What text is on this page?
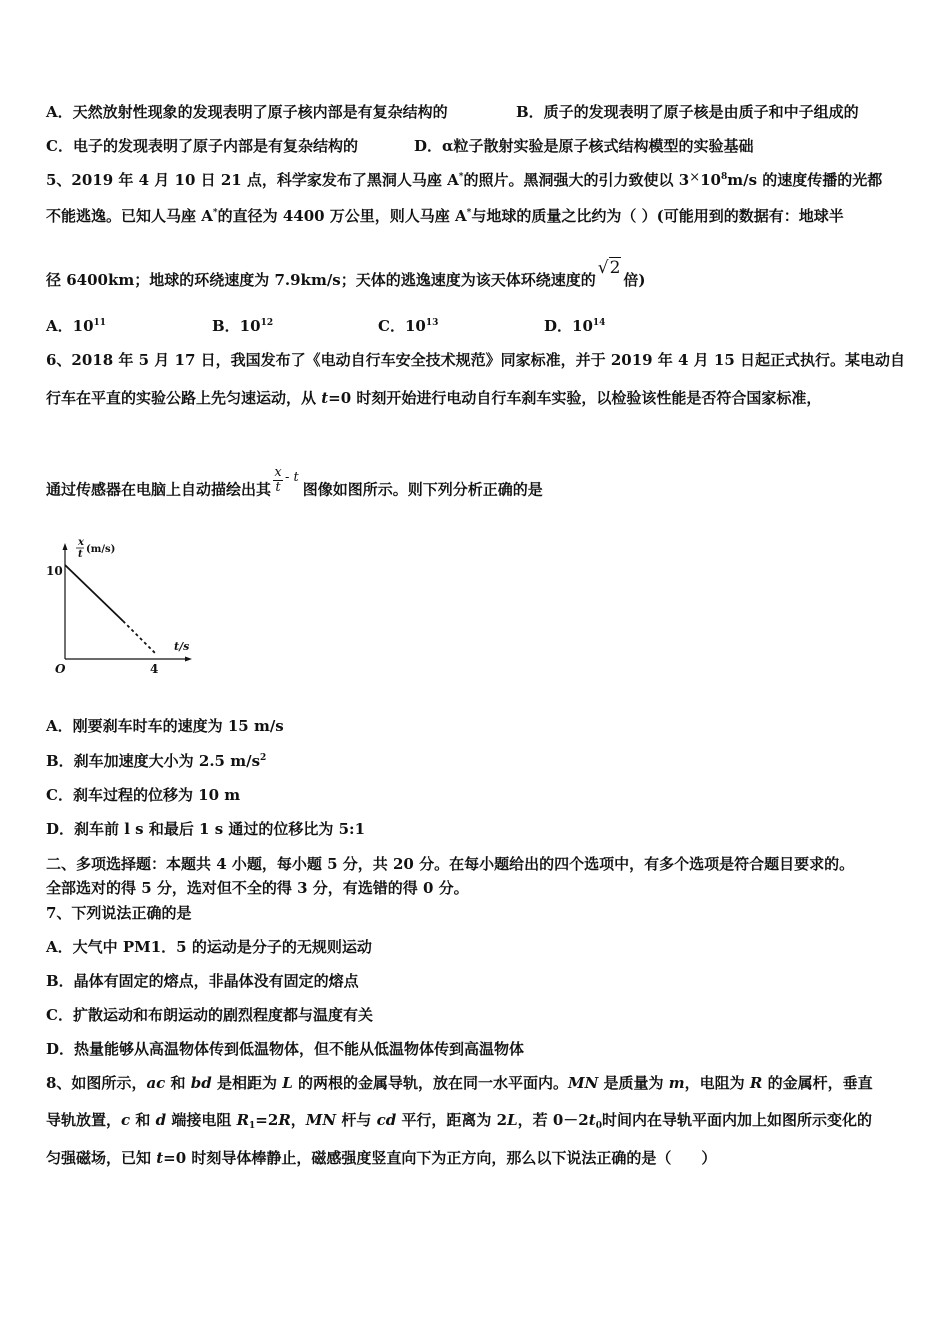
A．天然放射性现象的发现表明了原子核内部是有复杂结构的	B．质子的发现表明了原子核是由质子和中子组成的
C．电子的发现表明了原子内部是有复杂结构的	D．α粒子散射实验是原子核式结构模型的实验基础
5、2019 年 4 月 10 日 21 点，科学家发布了黑洞人马座 A*的照片。黑洞强大的引力致使以 $3\times 10^8m/s$ 的速度传播的光都
不能逃逸。已知人马座 A*的直径为 4400 万公里，则人马座 A*与地球的质量之比约为（ ）(可能用到的数据有：地球半
径 6400km；地球的环绕速度为 7.9km/s；天体的逃逸速度为该天体环绕速度的√2倍)
A．$10^{11}$	B．$10^{12}$	C．$10^{13}$	D．$10^{14}$
6、2018 年 5 月 17 日，我国发布了《电动自行车安全技术规范》同家标准，并于 2019 年 4 月 15 日起正式执行。某电动自
行车在平直的实验公路上先匀速运动，从 t=0 时刻开始进行电动自行车刹车实验，以检验该性能是否符合国家标准，
通过传感器在电脑上自动描绘出其 $\frac{x}{t}$ - t图像如图所示。则下列分析正确的是
x
t (m/s)
10
O	4
t/s
A．刚要刹车时车的速度为 15 m/s
B．刹车加速度大小为 2.5 $m/s^2$
C．刹车过程的位移为 10 m
D．刹车前 l s 和最后 1 s 通过的位移比为 5:1
二、多项选择题：本题共 4 小题，每小题 5 分，共 20 分。在每小题给出的四个选项中，有多个选项是符合题目要求的。
全部选对的得 5 分，选对但不全的得 3 分，有选错的得 0 分。
7、下列说法正确的是
A．大气中 PM1．5 的运动是分子的无规则运动
B．晶体有固定的熔点，非晶体没有固定的熔点
C．扩散运动和布朗运动的剧烈程度都与温度有关
D．热量能够从高温物体传到低温物体，但不能从低温物体传到高温物体
8、如图所示，ac 和 bd 是相距为 L 的两根的金属导轨，放在同一水平面内。MN 是质量为 m，电阻为 R 的金属杆，垂直
导轨放置，c 和 d 端接电阻 $R_1=2R$，MN 杆与 cd 平行，距离为 2L，若 $0-2t_0$时间内在导轨平面内加上如图所示变化的
匀强磁场，已知 t=0 时刻导体棒静止，磁感强度竖直向下为正方向，那么以下说法正确的是（　　）
